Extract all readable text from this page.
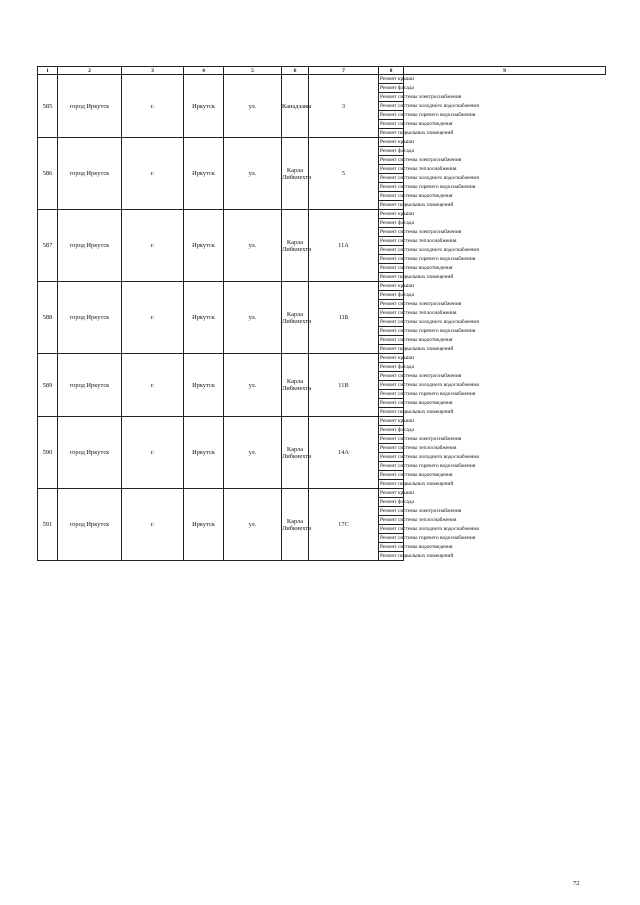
1	2	3	4	5	6	7	8	9
585	город Иркутск	г.	Иркутск	ул.	Канадзавы	3	Ремонт крыши	
							Ремонт фасада	
							Ремонт системы электроснабжения	
							Ремонт системы холодного водоснабжения	
							Ремонт системы горячего водоснабжения	
							Ремонт системы водоотведения	
							Ремонт подвальных помещений	
586	город Иркутск	г.	Иркутск	ул.	Карла Либкнехта	5	Ремонт крыши	
							Ремонт фасада	
							Ремонт системы электроснабжения	
							Ремонт системы теплоснабжения	
							Ремонт системы холодного водоснабжения	
							Ремонт системы горячего водоснабжения	
							Ремонт системы водоотведения	
							Ремонт подвальных помещений	
587	город Иркутск	г.	Иркутск	ул.	Карла Либкнехта	11А	Ремонт крыши	
							Ремонт фасада	
							Ремонт системы электроснабжения	
							Ремонт системы теплоснабжения	
							Ремонт системы холодного водоснабжения	
							Ремонт системы горячего водоснабжения	
							Ремонт системы водоотведения	
							Ремонт подвальных помещений	
588	город Иркутск	г.	Иркутск	ул.	Карла Либкнехта	11Б	Ремонт крыши	
							Ремонт фасада	
							Ремонт системы электроснабжения	
							Ремонт системы теплоснабжения	
							Ремонт системы холодного водоснабжения	
							Ремонт системы горячего водоснабжения	
							Ремонт системы водоотведения	
							Ремонт подвальных помещений	
589	город Иркутск	г.	Иркутск	ул.	Карла Либкнехта	11В	Ремонт крыши	
							Ремонт фасада	
							Ремонт системы электроснабжения	
							Ремонт системы холодного водоснабжения	
							Ремонт системы горячего водоснабжения	
							Ремонт системы водоотведения	
							Ремонт подвальных помещений	
590	город Иркутск	г.	Иркутск	ул.	Карла Либкнехта	14А	Ремонт крыши	
							Ремонт фасада	
							Ремонт системы электроснабжения	
							Ремонт системы теплоснабжения	
							Ремонт системы холодного водоснабжения	
							Ремонт системы горячего водоснабжения	
							Ремонт системы водоотведения	
							Ремонт подвальных помещений	
591	город Иркутск	г.	Иркутск	ул.	Карла Либкнехта	17С	Ремонт крыши	
							Ремонт фасада	
							Ремонт системы электроснабжения	
							Ремонт системы теплоснабжения	
							Ремонт системы холодного водоснабжения	
							Ремонт системы горячего водоснабжения	
							Ремонт системы водоотведения	
							Ремонт подвальных помещений	
72
